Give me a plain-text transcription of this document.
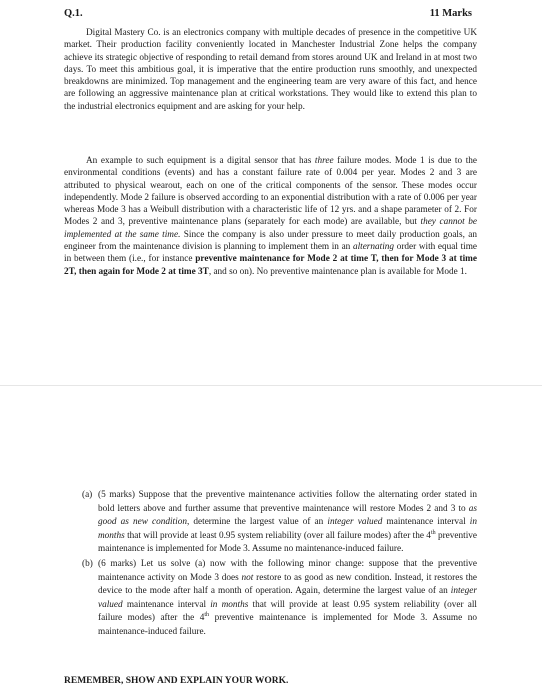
Q.1.	11 Marks
Digital Mastery Co. is an electronics company with multiple decades of presence in the competitive UK market. Their production facility conveniently located in Manchester Industrial Zone helps the company achieve its strategic objective of responding to retail demand from stores around UK and Ireland in at most two days. To meet this ambitious goal, it is imperative that the entire production runs smoothly, and unexpected breakdowns are minimized. Top management and the engineering team are very aware of this fact, and hence are following an aggressive maintenance plan at critical workstations. They would like to extend this plan to the industrial electronics equipment and are asking for your help.
An example to such equipment is a digital sensor that has three failure modes. Mode 1 is due to the environmental conditions (events) and has a constant failure rate of 0.004 per year. Modes 2 and 3 are attributed to physical wearout, each on one of the critical components of the sensor. These modes occur independently. Mode 2 failure is observed according to an exponential distribution with a rate of 0.006 per year whereas Mode 3 has a Weibull distribution with a characteristic life of 12 yrs. and a shape parameter of 2. For Modes 2 and 3, preventive maintenance plans (separately for each mode) are available, but they cannot be implemented at the same time. Since the company is also under pressure to meet daily production goals, an engineer from the maintenance division is planning to implement them in an alternating order with equal time in between them (i.e., for instance preventive maintenance for Mode 2 at time T, then for Mode 3 at time 2T, then again for Mode 2 at time 3T, and so on). No preventive maintenance plan is available for Mode 1.
(a) (5 marks) Suppose that the preventive maintenance activities follow the alternating order stated in bold letters above and further assume that preventive maintenance will restore Modes 2 and 3 to as good as new condition, determine the largest value of an integer valued maintenance interval in months that will provide at least 0.95 system reliability (over all failure modes) after the 4th preventive maintenance is implemented for Mode 3. Assume no maintenance-induced failure.
(b) (6 marks) Let us solve (a) now with the following minor change: suppose that the preventive maintenance activity on Mode 3 does not restore to as good as new condition. Instead, it restores the device to the mode after half a month of operation. Again, determine the largest value of an integer valued maintenance interval in months that will provide at least 0.95 system reliability (over all failure modes) after the 4th preventive maintenance is implemented for Mode 3. Assume no maintenance-induced failure.
REMEMBER, SHOW AND EXPLAIN YOUR WORK.
